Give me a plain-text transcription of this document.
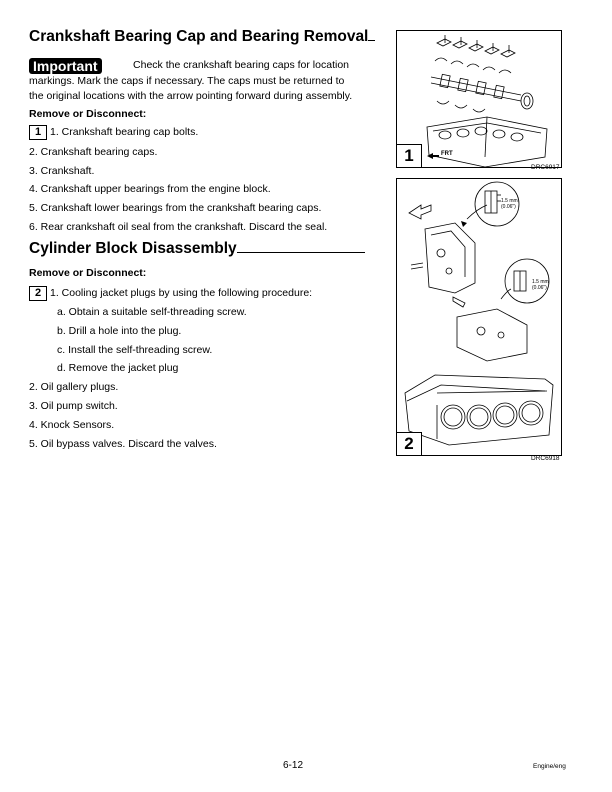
Crankshaft Bearing Cap and Bearing Removal
Important	Check the crankshaft bearing caps for location
markings. Mark the caps if necessary. The caps must be returned to
the original locations with the arrow pointing forward during assembly.
Remove or Disconnect:
1 1. Crankshaft bearing cap bolts.
2. Crankshaft bearing caps.
3. Crankshaft.
4. Crankshaft upper bearings from the engine block.
5. Crankshaft lower bearings from the crankshaft bearing caps.
6. Rear crankshaft oil seal from the crankshaft. Discard the seal.
Cylinder Block Disassembly
Remove or Disconnect:
2 1. Cooling jacket plugs by using the following procedure:
a. Obtain a suitable self-threading screw.
b. Drill a hole into the plug.
c. Install the self-threading screw.
d. Remove the jacket plug
2. Oil gallery plugs.
3. Oil pump switch.
4. Knock Sensors.
5. Oil bypass valves. Discard the valves.
FRT
1
DRC6917
1.5 mm
(0.06")
1.5 mm
(0.06")
2
DRC6918
6-12	Engine/eng
